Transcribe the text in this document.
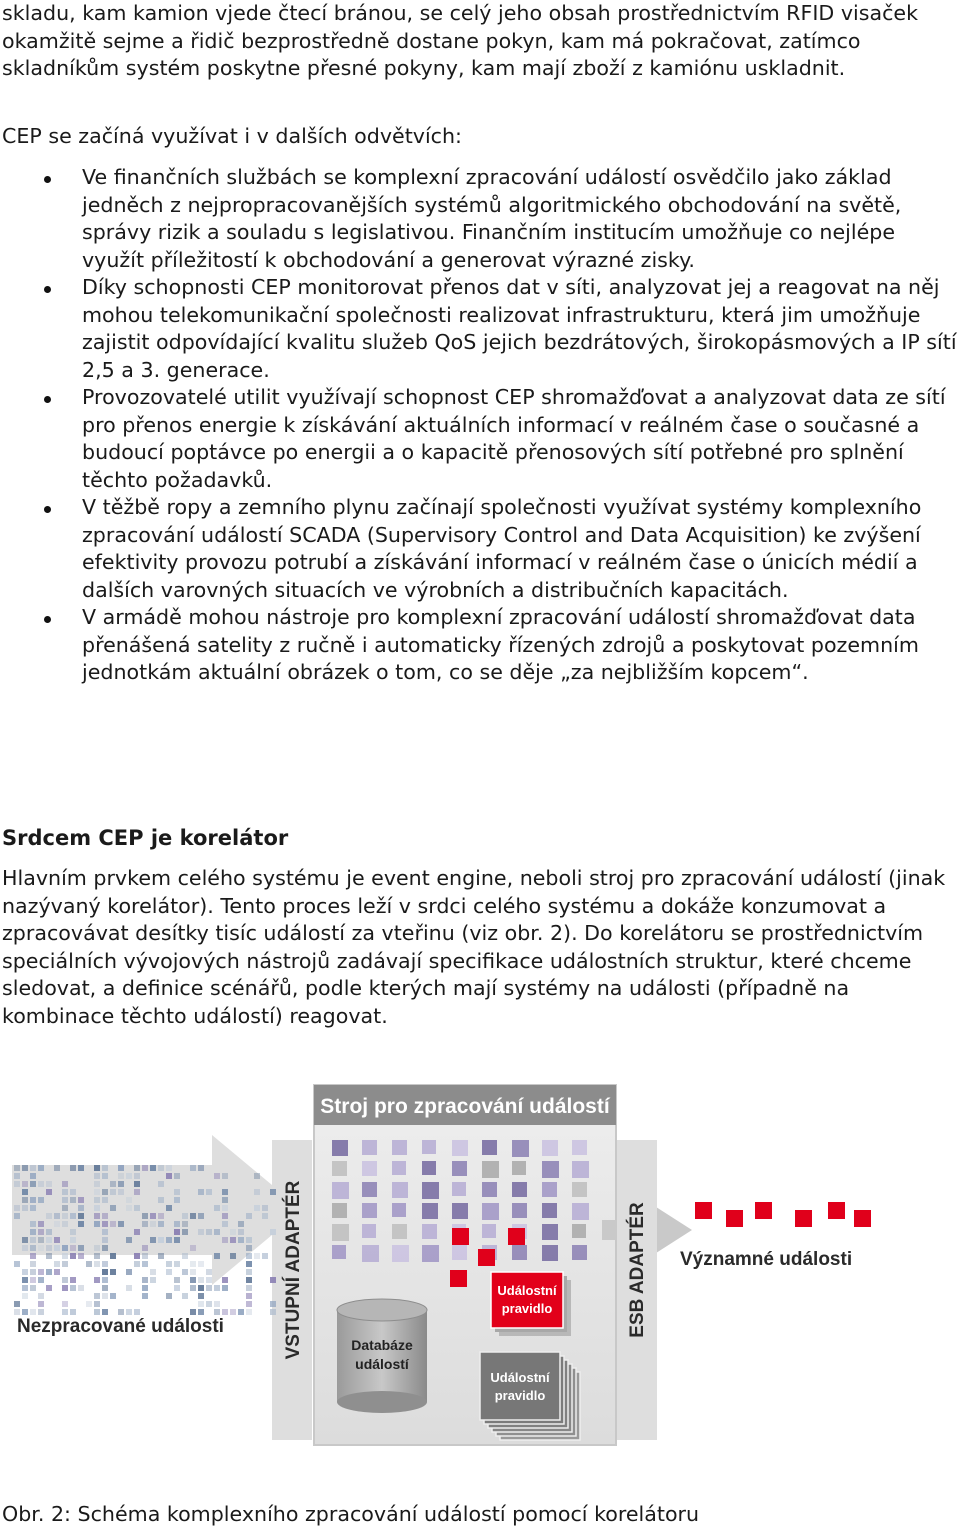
skladu, kam kamion vjede čtecí bránou, se celý jeho obsah prostřednictvím RFID visaček okamžitě sejme a řidič bezprostředně dostane pokyn, kam má pokračovat, zatímco skladníkům systém poskytne přesné pokyny, kam mají zboží z kamiónu uskladnit.

CEP se začíná využívat i v dalších odvětvích:

Ve finančních službách se komplexní zpracování událostí osvědčilo jako základ jedněch z nejpropracovanějších systémů algoritmického obchodování na světě, správy rizik a souladu s legislativou. Finančním institucím umožňuje co nejlépe využít příležitostí k obchodování a generovat výrazné zisky.
Díky schopnosti CEP monitorovat přenos dat v síti, analyzovat jej a reagovat na něj mohou telekomunikační společnosti realizovat infrastrukturu, která jim umožňuje zajistit odpovídající kvalitu služeb QoS jejich bezdrátových, širokopásmových a IP sítí 2,5 a 3. generace.
Provozovatelé utilit využívají schopnost CEP shromažďovat a analyzovat data ze sítí pro přenos energie k získávání aktuálních informací v reálném čase o současné a budoucí poptávce po energii a o kapacitě přenosových sítí potřebné pro splnění těchto požadavků.
V těžbě ropy a zemního plynu začínají společnosti využívat systémy komplexního zpracování událostí SCADA (Supervisory Control and Data Acquisition) ke zvýšení efektivity provozu potrubí a získávání informací v reálném čase o únicích médií a dalších varovných situacích ve výrobních a distribučních kapacitách.
V armádě mohou nástroje pro komplexní zpracování událostí shromažďovat data přenášená satelity z ručně i automaticky řízených zdrojů a poskytovat pozemním jednotkám aktuální obrázek o tom, co se děje „za nejbližším kopcem“.
Srdcem CEP je korelátor

Hlavním prvkem celého systému je event engine, neboli stroj pro zpracování událostí (jinak nazývaný korelátor). Tento proces leží v srdci celého systému a dokáže konzumovat a zpracovávat desítky tisíc událostí za vteřinu (viz obr. 2). Do korelátoru se prostřednictvím speciálních vývojových nástrojů zadávají specifikace událostních struktur, které chceme sledovat, a definice scénářů, podle kterých mají systémy na události (případně na kombinace těchto událostí) reagovat.

Stroj pro zpracování událostí
VSTUPNÍ ADAPTÉR	ESB ADAPTÉR
Databáze
událostí
Událostní
pravidlo
Událostní
pravidlo
Nezpracované události
Významné události

Obr. 2: Schéma komplexního zpracování událostí pomocí korelátoru
